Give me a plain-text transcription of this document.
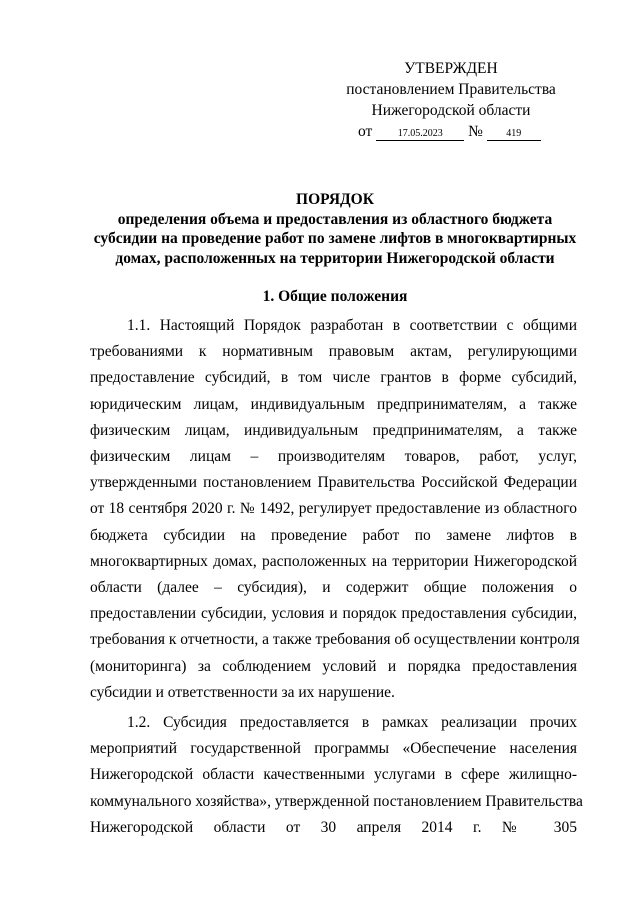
УТВЕРЖДЕН
постановлением Правительства
Нижегородской области
от	17.05.2023 № 419
ПОРЯДОК
определения объема и предоставления из областного бюджета
субсидии на проведение работ по замене лифтов в многоквартирных
домах, расположенных на территории Нижегородской области
1. Общие положения

1.1. Настоящий Порядок разработан в соответствии с общими
требованиями к нормативным правовым актам, регулирующими
предоставление субсидий, в том числе грантов в форме субсидий,
юридическим лицам, индивидуальным предпринимателям, а также
физическим лицам, индивидуальным предпринимателям, а также
физическим лицам – производителям товаров, работ, услуг,
утвержденными постановлением Правительства Российской Федерации
от 18 сентября 2020 г. № 1492, регулирует предоставление из областного
бюджета субсидии на проведение работ по замене лифтов в
многоквартирных домах, расположенных на территории Нижегородской
области (далее – субсидия), и содержит общие положения о
предоставлении субсидии, условия и порядок предоставления субсидии,
требования к отчетности, а также требования об осуществлении контроля
(мониторинга) за соблюдением условий и порядка предоставления
субсидии и ответственности за их нарушение.

1.2. Субсидия предоставляется в рамках реализации прочих
мероприятий государственной программы «Обеспечение населения
Нижегородской области качественными услугами в сфере жилищно-
коммунального хозяйства», утвержденной постановлением Правительства
Нижегородской области от 30 апреля 2014 г. № 305
